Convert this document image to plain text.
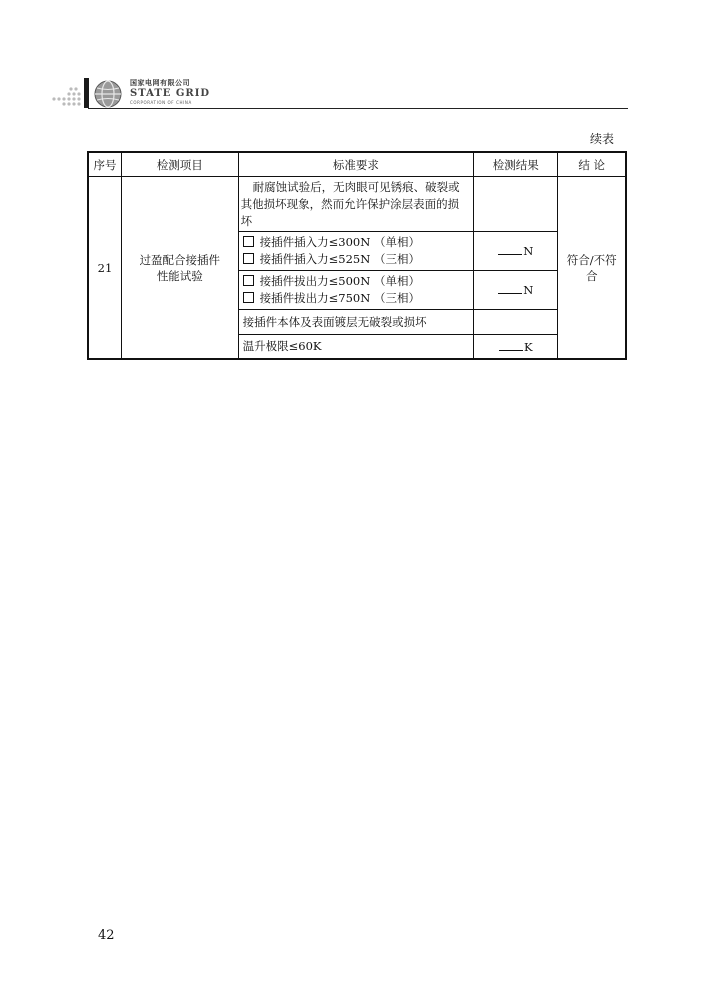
国家电网有限公司
STATE GRID
CORPORATION OF CHINA
续表
序号	检测项目	标准要求	检测结果	结 论
21	过盈配合接插件性能试验	耐腐蚀试验后，无肉眼可见锈痕、破裂或其他损坏现象，然而允许保护涂层表面的损坏		符合/不符合

		接插件插入力≤300N （单相）
接插件插入力≤525N （三相）	N	

		接插件拔出力≤500N （单相）
接插件拔出力≤750N （三相）	N	
		接插件本体及表面镀层无破裂或损坏		
		温升极限≤60K	K	
42
